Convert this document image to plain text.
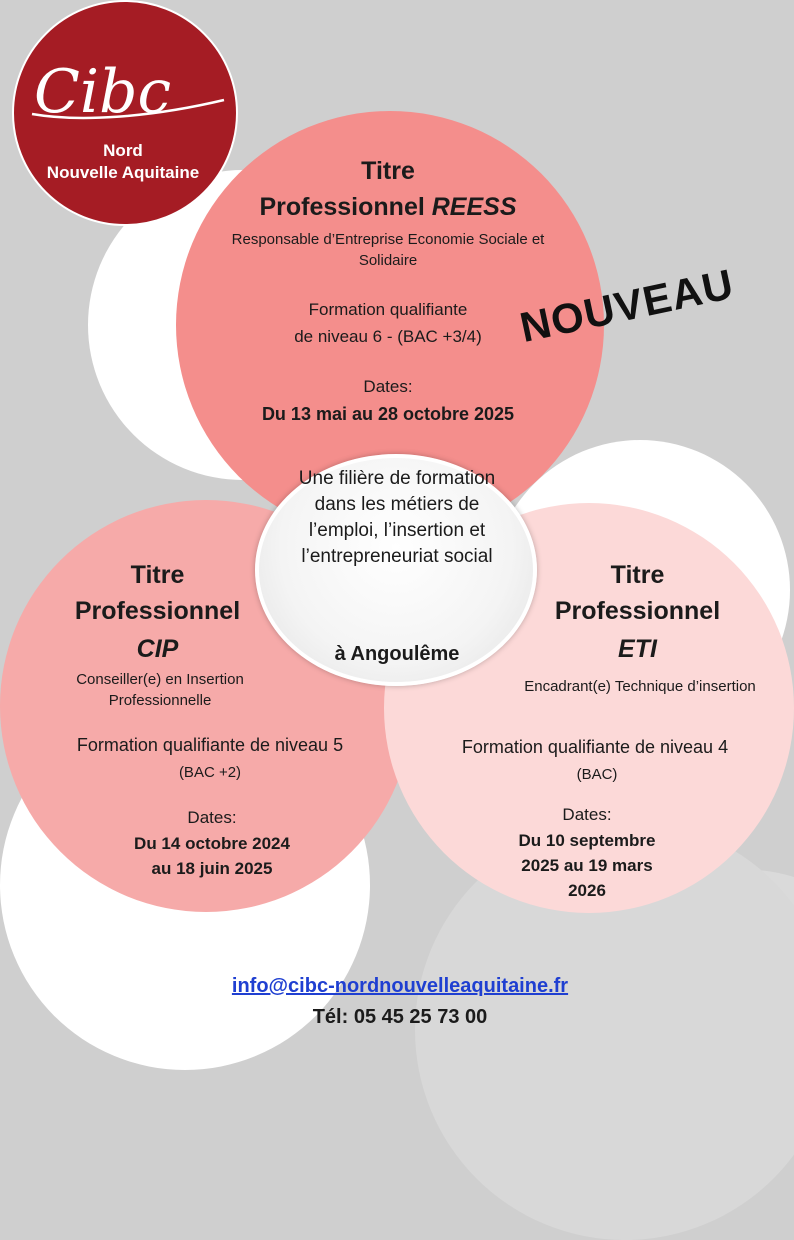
Cibc
Nord
Nouvelle Aquitaine	Titre
Professionnel REESS
Responsable d’Entreprise Economie Sociale et Solidaire
Formation qualifiante
de niveau 6 - (BAC +3/4)
Dates:
Du 13 mai au 28 octobre 2025
NOUVEAU
Une filière de formation dans les métiers de l’emploi, l’insertion et l’entrepreneuriat social
à Angoulême
Titre
Professionnel
CIP
Conseiller(e) en Insertion Professionnelle
Formation qualifiante de niveau 5
(BAC +2)
Dates:
Du 14 octobre 2024
au 18 juin 2025
Titre
Professionnel
ETI
Encadrant(e) Technique d’insertion
Formation qualifiante de niveau 4
(BAC)
Dates:
Du 10 septembre
2025 au 19 mars
2026
info@cibc-nordnouvelleaquitaine.fr
Tél: 05 45 25 73 00
